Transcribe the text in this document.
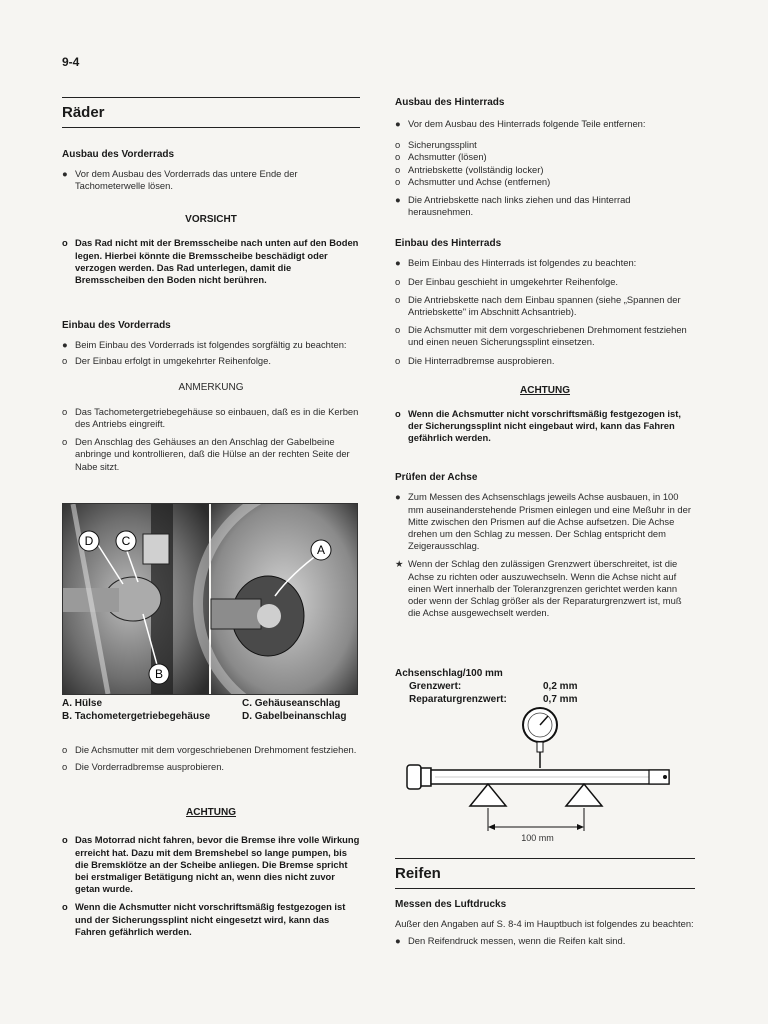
9-4
Räder
Ausbau des Vorderrads
● Vor dem Ausbau des Vorderrads das untere Ende der Tachometerwelle lösen.
VORSICHT
o Das Rad nicht mit der Bremsscheibe nach unten auf den Boden legen. Hierbei könnte die Bremsscheibe beschädigt oder verzogen werden. Das Rad unterlegen, damit die Bremsscheiben den Boden nicht berühren.
Einbau des Vorderrads
● Beim Einbau des Vorderrads ist folgendes sorgfältig zu beachten:
o Der Einbau erfolgt in umgekehrter Reihenfolge.
ANMERKUNG
o Das Tachometergetriebegehäuse so einbauen, daß es in die Kerben des Antriebs eingreift.
o Den Anschlag des Gehäuses an den Anschlag der Gabelbeine anbringe und kontrollieren, daß die Hülse an der rechten Seite der Nabe sitzt.
D C
B
A
A. Hülse	C. Gehäuseanschlag
B. Tachometergetriebegehäuse	D. Gabelbeinanschlag
o Die Achsmutter mit dem vorgeschriebenen Drehmoment festziehen.
o Die Vorderradbremse ausprobieren.
ACHTUNG
o Das Motorrad nicht fahren, bevor die Bremse ihre volle Wirkung erreicht hat. Dazu mit dem Bremshebel so lange pumpen, bis die Bremsklötze an der Scheibe anliegen. Die Bremse spricht bei erstmaliger Betätigung nicht an, wenn dies nicht zuvor getan wurde.
o Wenn die Achsmutter nicht vorschriftsmäßig festgezogen ist und der Sicherungssplint nicht eingesetzt wird, kann das Fahren gefährlich werden.
Ausbau des Hinterrads
● Vor dem Ausbau des Hinterrads folgende Teile entfernen:
o Sicherungssplint
o Achsmutter (lösen)
o Antriebskette (vollständig locker)
o Achsmutter und Achse (entfernen)
● Die Antriebskette nach links ziehen und das Hinterrad herausnehmen.
Einbau des Hinterrads
● Beim Einbau des Hinterrads ist folgendes zu beachten:
o Der Einbau geschieht in umgekehrter Reihenfolge.
o Die Antriebskette nach dem Einbau spannen (siehe „Spannen der Antriebskette" im Abschnitt Achsantrieb).
o Die Achsmutter mit dem vorgeschriebenen Drehmoment festziehen und einen neuen Sicherungssplint einsetzen.
o Die Hinterradbremse ausprobieren.
ACHTUNG
o Wenn die Achsmutter nicht vorschriftsmäßig festgezogen ist, der Sicherungssplint nicht eingebaut wird, kann das Fahren gefährlich werden.
Prüfen der Achse
● Zum Messen des Achsenschlags jeweils Achse ausbauen, in 100 mm auseinanderstehende Prismen einlegen und eine Meßuhr in der Mitte zwischen den Prismen auf die Achse aufsetzen. Die Achse drehen um den Schlag zu messen. Der Schlag entspricht dem Zeigerausschlag.
★ Wenn der Schlag den zulässigen Grenzwert überschreitet, ist die Achse zu richten oder auszuwechseln. Wenn die Achse nicht auf einen Wert innerhalb der Toleranzgrenzen gerichtet werden kann oder wenn der Schlag größer als der Reparaturgrenzwert ist, muß die Achse ausgewechselt werden.
Achsenschlag/100 mm
Grenzwert:	0,2 mm
Reparaturgrenzwert:	0,7 mm
100 mm
Reifen
Messen des Luftdrucks
Außer den Angaben auf S. 8-4 im Hauptbuch ist folgendes zu beachten:
● Den Reifendruck messen, wenn die Reifen kalt sind.
